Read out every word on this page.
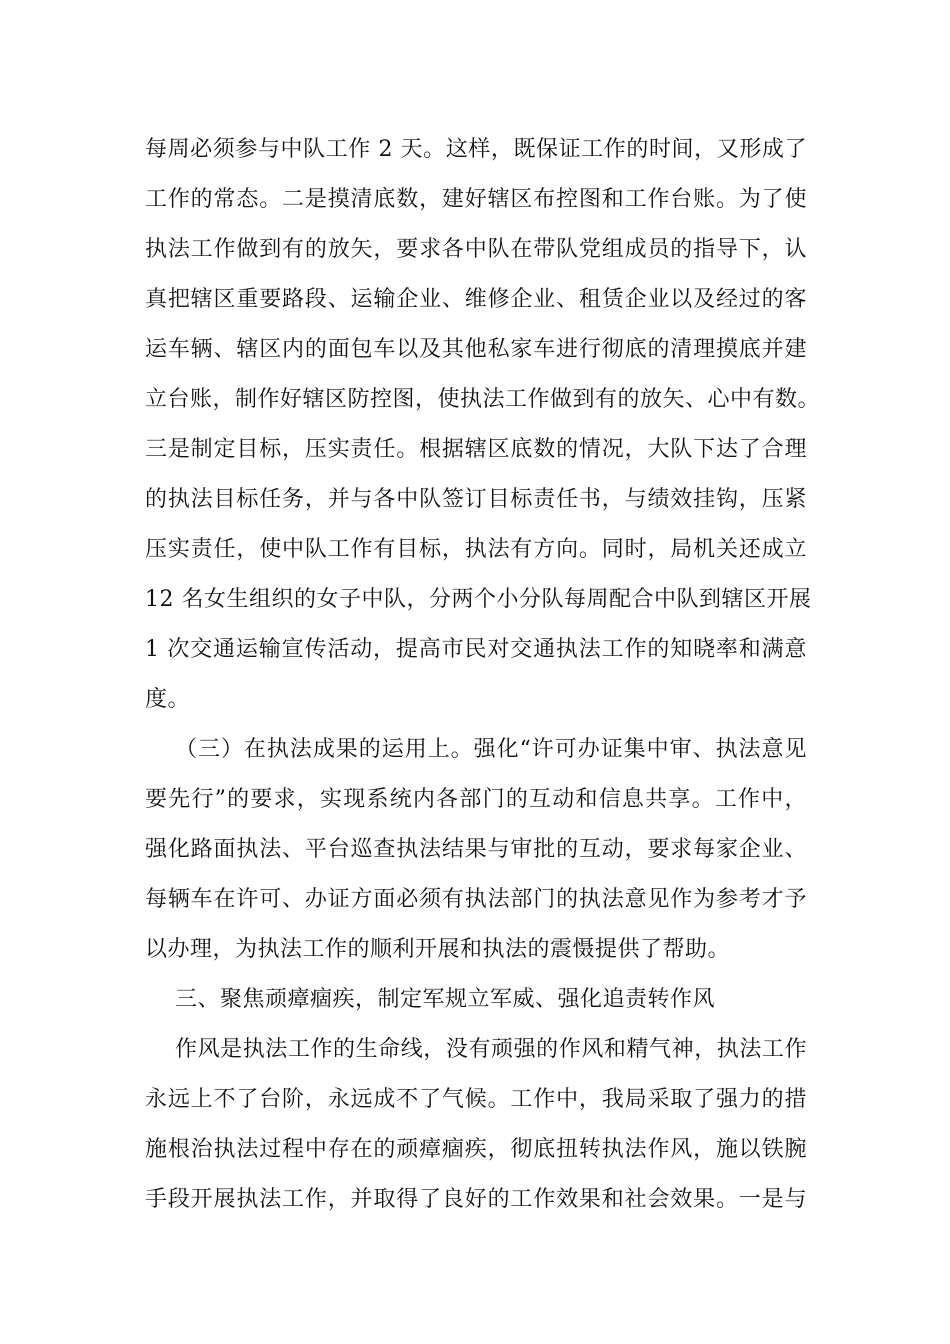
每周必须参与中队工作 2 天。这样，既保证工作的时间，又形成了
工作的常态。二是摸清底数，建好辖区布控图和工作台账。为了使
执法工作做到有的放矢，要求各中队在带队党组成员的指导下，认
真把辖区重要路段、运输企业、维修企业、租赁企业以及经过的客
运车辆、辖区内的面包车以及其他私家车进行彻底的清理摸底并建
立台账，制作好辖区防控图，使执法工作做到有的放矢、心中有数。
三是制定目标，压实责任。根据辖区底数的情况，大队下达了合理
的执法目标任务，并与各中队签订目标责任书，与绩效挂钩，压紧
压实责任，使中队工作有目标，执法有方向。同时，局机关还成立
12 名女生组织的女子中队，分两个小分队每周配合中队到辖区开展
1 次交通运输宣传活动，提高市民对交通执法工作的知晓率和满意
度。
（三）在执法成果的运用上。强化“许可办证集中审、执法意见
要先行”的要求，实现系统内各部门的互动和信息共享。工作中，
强化路面执法、平台巡查执法结果与审批的互动，要求每家企业、
每辆车在许可、办证方面必须有执法部门的执法意见作为参考才予
以办理，为执法工作的顺利开展和执法的震慑提供了帮助。
三、聚焦顽瘴痼疾，制定军规立军威、强化追责转作风
作风是执法工作的生命线，没有顽强的作风和精气神，执法工作
永远上不了台阶，永远成不了气候。工作中，我局采取了强力的措
施根治执法过程中存在的顽瘴痼疾，彻底扭转执法作风，施以铁腕
手段开展执法工作，并取得了良好的工作效果和社会效果。一是与
